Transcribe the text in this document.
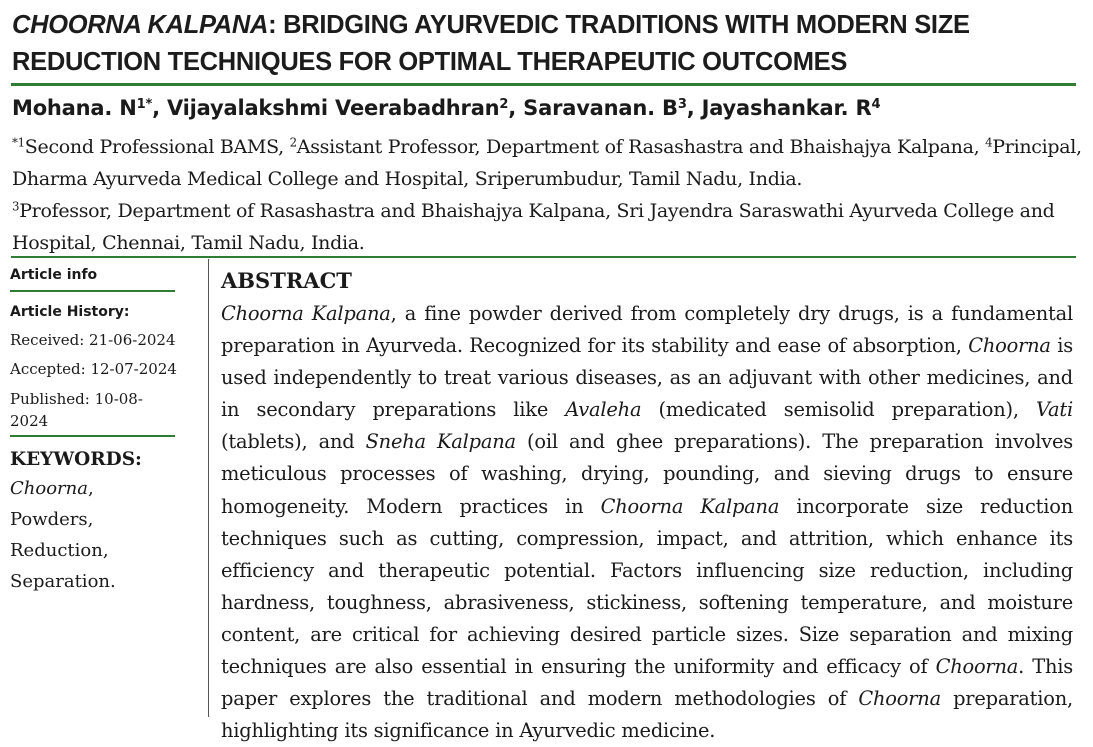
CHOORNA KALPANA: BRIDGING AYURVEDIC TRADITIONS WITH MODERN SIZE REDUCTION TECHNIQUES FOR OPTIMAL THERAPEUTIC OUTCOMES
Mohana. $N^{1*}$, Vijayalakshmi Veerabadhran$^2$, Saravanan. $B^3$, Jayashankar. $R^4$

$^{*1}$Second Professional BAMS, $^2$Assistant Professor, Department of Rasashastra and Bhaishajya Kalpana, $^4$Principal, Dharma Ayurveda Medical College and Hospital, Sriperumbudur, Tamil Nadu, India.

$^3$Professor, Department of Rasashastra and Bhaishajya Kalpana, Sri Jayendra Saraswathi Ayurveda College and Hospital, Chennai, Tamil Nadu, India.

Article info
Article History:
Received: 21-06-2024
Accepted: 12-07-2024
Published: 10-08-2024
KEYWORDS:
Choorna, Powders, Reduction, Separation.
ABSTRACT

Choorna Kalpana, a fine powder derived from completely dry drugs, is a fundamental preparation in Ayurveda. Recognized for its stability and ease of absorption, Choorna is used independently to treat various diseases, as an adjuvant with other medicines, and in secondary preparations like Avaleha (medicated semisolid preparation), Vati (tablets), and Sneha Kalpana (oil and ghee preparations). The preparation involves meticulous processes of washing, drying, pounding, and sieving drugs to ensure homogeneity. Modern practices in Choorna Kalpana incorporate size reduction techniques such as cutting, compression, impact, and attrition, which enhance its efficiency and therapeutic potential. Factors influencing size reduction, including hardness, toughness, abrasiveness, stickiness, softening temperature, and moisture content, are critical for achieving desired particle sizes. Size separation and mixing techniques are also essential in ensuring the uniformity and efficacy of Choorna. This paper explores the traditional and modern methodologies of Choorna preparation, highlighting its significance in Ayurvedic medicine.
